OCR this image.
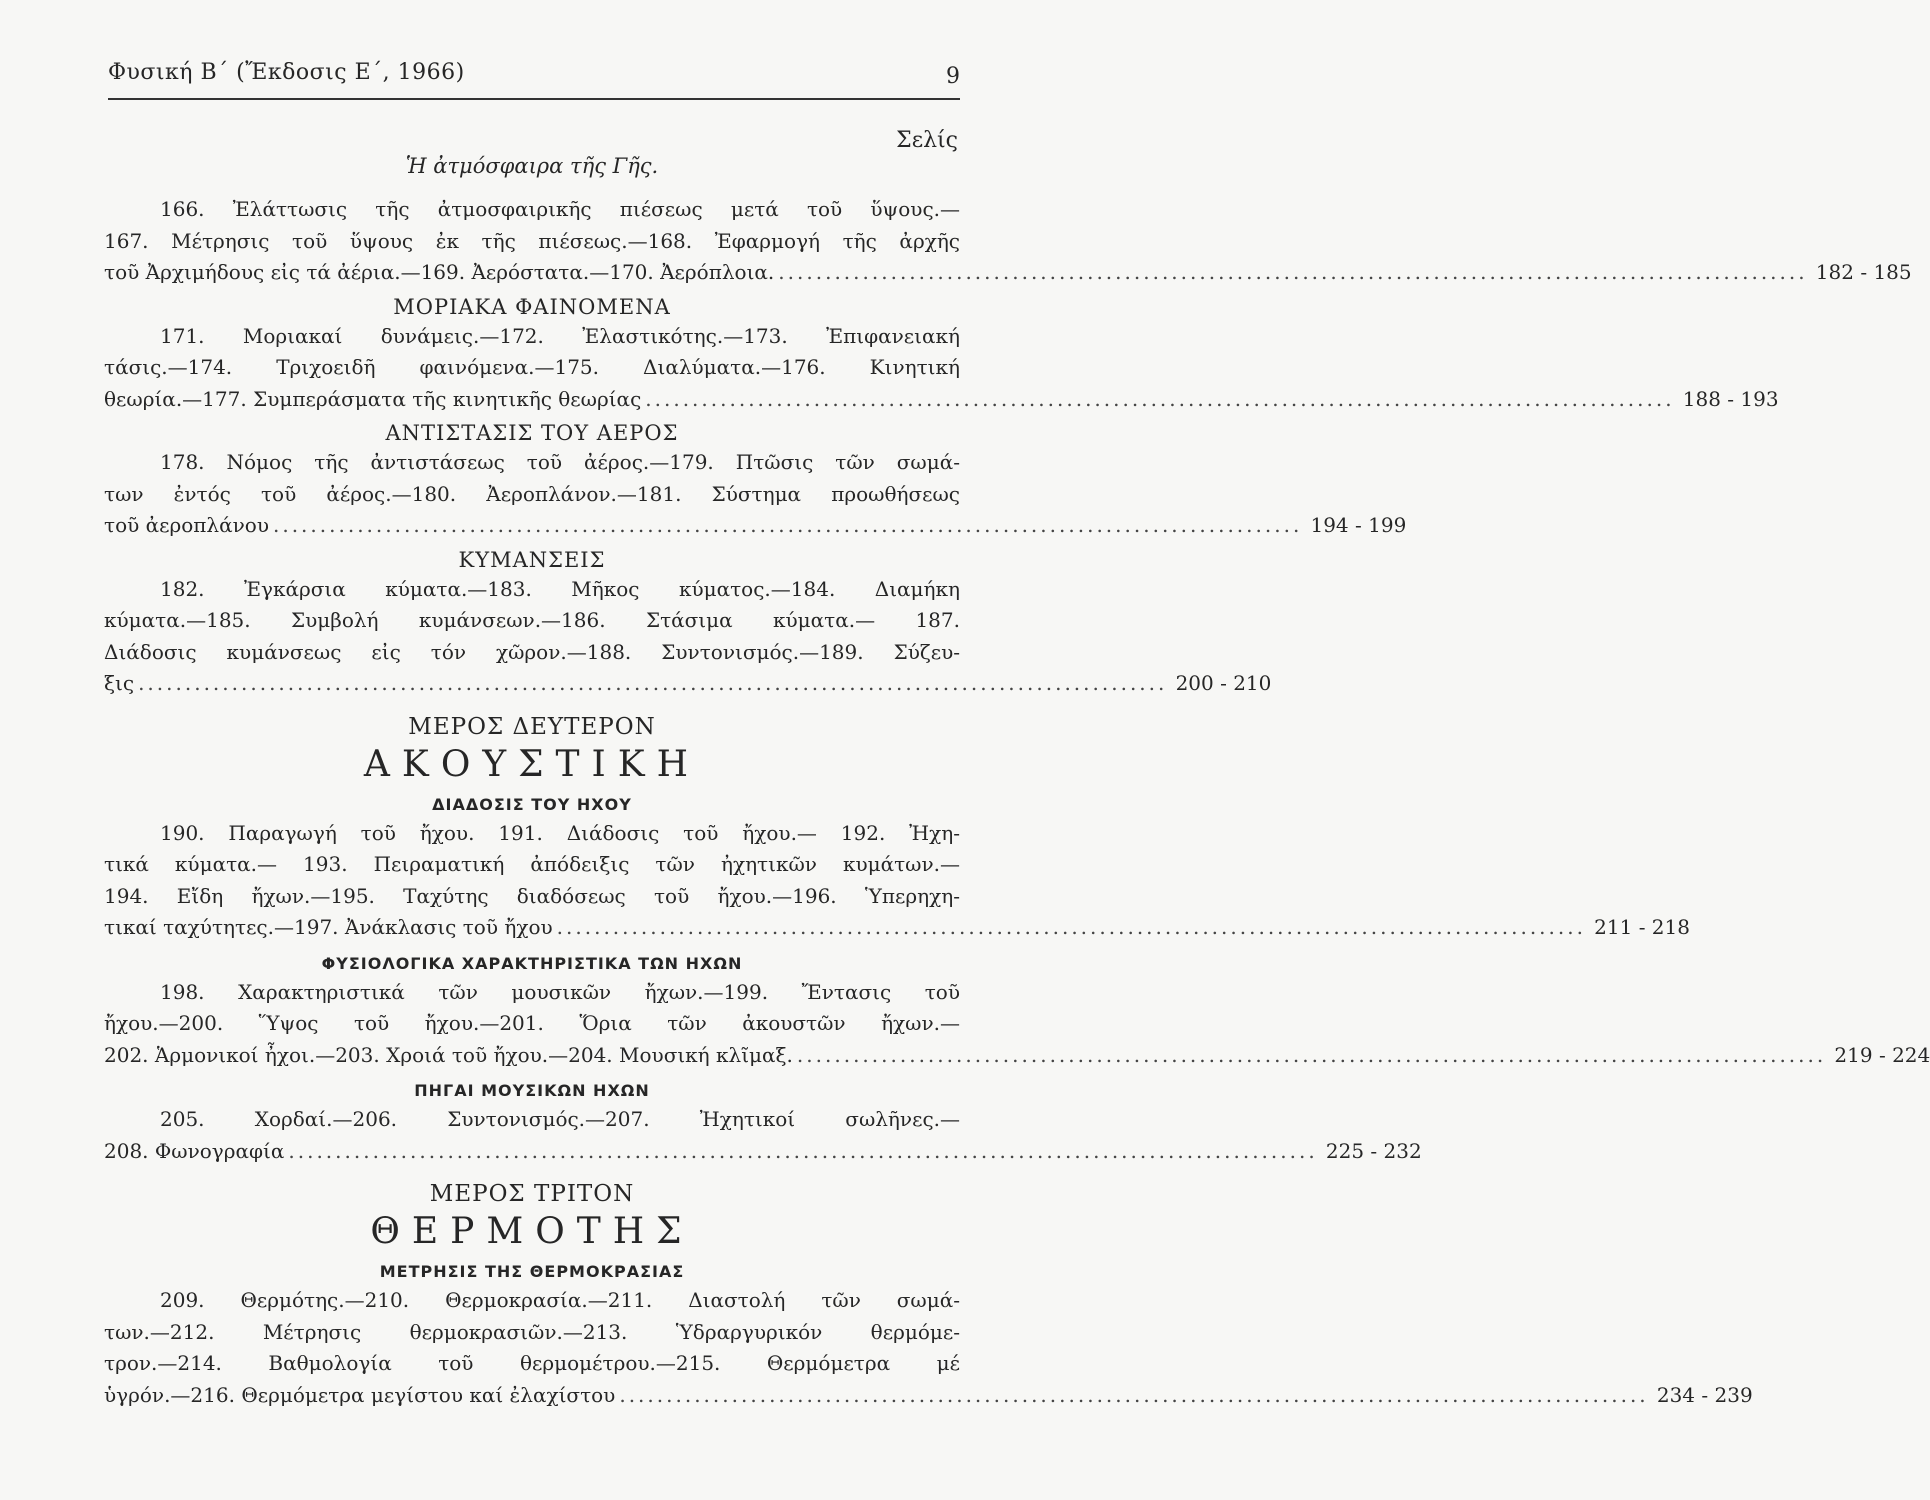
Φυσική Β΄ (Ἔκδοσις Ε΄, 1966)	9
Σελίς
Ἡ ἀτμόσφαιρα τῆς Γῆς.
166. Ἐλάττωσις τῆς ἀτμοσφαιρικῆς πιέσεως μετά τοῦ ὕψους.—
167. Μέτρησις τοῦ ὕψους ἐκ τῆς πιέσεως.—168. Ἐφαρμογή τῆς ἀρχῆς
τοῦ Ἀρχιμήδους εἰς τά ἀέρια.—169. Ἀερόστατα.—170. Ἀερόπλοια. .............................................................................................................. 182 - 185
ΜΟΡΙΑΚΑ ΦΑΙΝΟΜΕΝΑ
171. Μοριακαί δυνάμεις.—172. Ἐλαστικότης.—173. Ἐπιφανειακή
τάσις.—174. Τριχοειδῆ φαινόμενα.—175. Διαλύματα.—176. Κινητική
θεωρία.—177. Συμπεράσματα τῆς κινητικῆς θεωρίας .............................................................................................................. 188 - 193
ΑΝΤΙΣΤΑΣΙΣ ΤΟΥ ΑΕΡΟΣ
178. Νόμος τῆς ἀντιστάσεως τοῦ ἀέρος.—179. Πτῶσις τῶν σωμά-
των ἐντός τοῦ ἀέρος.—180. Ἀεροπλάνον.—181. Σύστημα προωθήσεως
τοῦ ἀεροπλάνου .............................................................................................................. 194 - 199
ΚΥΜΑΝΣΕΙΣ
182. Ἐγκάρσια κύματα.—183. Μῆκος κύματος.—184. Διαμήκη
κύματα.—185. Συμβολή κυμάνσεων.—186. Στάσιμα κύματα.— 187.
Διάδοσις κυμάνσεως εἰς τόν χῶρον.—188. Συντονισμός.—189. Σύζευ-
ξις .............................................................................................................. 200 - 210
ΜΕΡΟΣ ΔΕΥΤΕΡΟΝ
ΑΚΟΥΣΤΙΚΗ
ΔΙΑΔΟΣΙΣ ΤΟΥ ΗΧΟΥ
190. Παραγωγή τοῦ ἤχου. 191. Διάδοσις τοῦ ἤχου.— 192. Ἠχη-
τικά κύματα.— 193. Πειραματική ἀπόδειξις τῶν ἠχητικῶν κυμάτων.—
194. Εἴδη ἤχων.—195. Ταχύτης διαδόσεως τοῦ ἤχου.—196. Ὑπερηχη-
τικαί ταχύτητες.—197. Ἀνάκλασις τοῦ ἤχου .............................................................................................................. 211 - 218
ΦΥΣΙΟΛΟΓΙΚΑ ΧΑΡΑΚΤΗΡΙΣΤΙΚΑ ΤΩΝ ΗΧΩΝ
198. Χαρακτηριστικά τῶν μουσικῶν ἤχων.—199. Ἔντασις τοῦ
ἤχου.—200. Ὕψος τοῦ ἤχου.—201. Ὅρια τῶν ἀκουστῶν ἤχων.—
202. Ἁρμονικοί ἦχοι.—203. Χροιά τοῦ ἤχου.—204. Μουσική κλῖμαξ. .............................................................................................................. 219 - 224
ΠΗΓΑΙ ΜΟΥΣΙΚΩΝ ΗΧΩΝ
205. Χορδαί.—206. Συντονισμός.—207. Ἠχητικοί σωλῆνες.—
208. Φωνογραφία .............................................................................................................. 225 - 232
ΜΕΡΟΣ ΤΡΙΤΟΝ
ΘΕΡΜΟΤΗΣ
ΜΕΤΡΗΣΙΣ ΤΗΣ ΘΕΡΜΟΚΡΑΣΙΑΣ
209. Θερμότης.—210. Θερμοκρασία.—211. Διαστολή τῶν σωμά-
των.—212. Μέτρησις θερμοκρασιῶν.—213. Ὑδραργυρικόν θερμόμε-
τρον.—214. Βαθμολογία τοῦ θερμομέτρου.—215. Θερμόμετρα μέ
ὑγρόν.—216. Θερμόμετρα μεγίστου καί ἐλαχίστου .............................................................................................................. 234 - 239
